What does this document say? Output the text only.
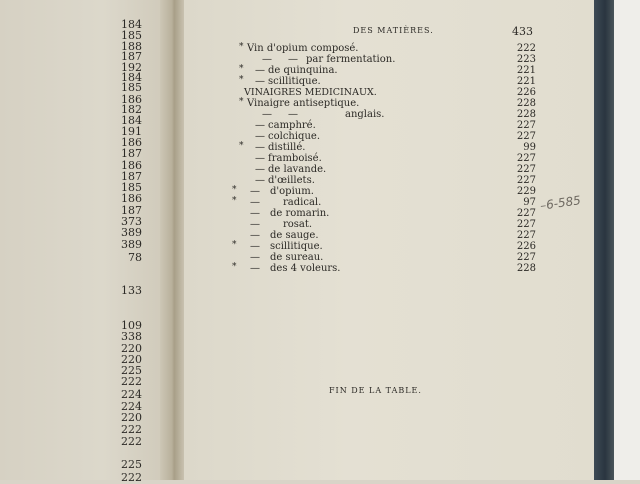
184
185
188
187
192
184
185
186
182
184
191
186
187
186
187
185
186
187
373
389
389
78
133
109
338
220
220
225
222
224
224
220
222
222
225
222
DES MATIÈRES.	433
* Vin d'opium composé.	222
— — par fermentation.	223
* — de quinquina.	221
* — scillitique.	221
VINAIGRES MEDICINAUX.	226
* Vinaigre antiseptique.	228
— —	anglais.	228
— camphré.	227
— colchique.	227
* — distillé.	99
— framboisé.	227
— de lavande.	227
— d'œillets.	227
* — d'opium.	229
* — radical.	97
— de romarin.	227
— rosat.	227
— de sauge.	227
* — scillitique.	226
— de sureau.	227
* — des 4 voleurs.	228
–6-585
FIN DE LA TABLE.
